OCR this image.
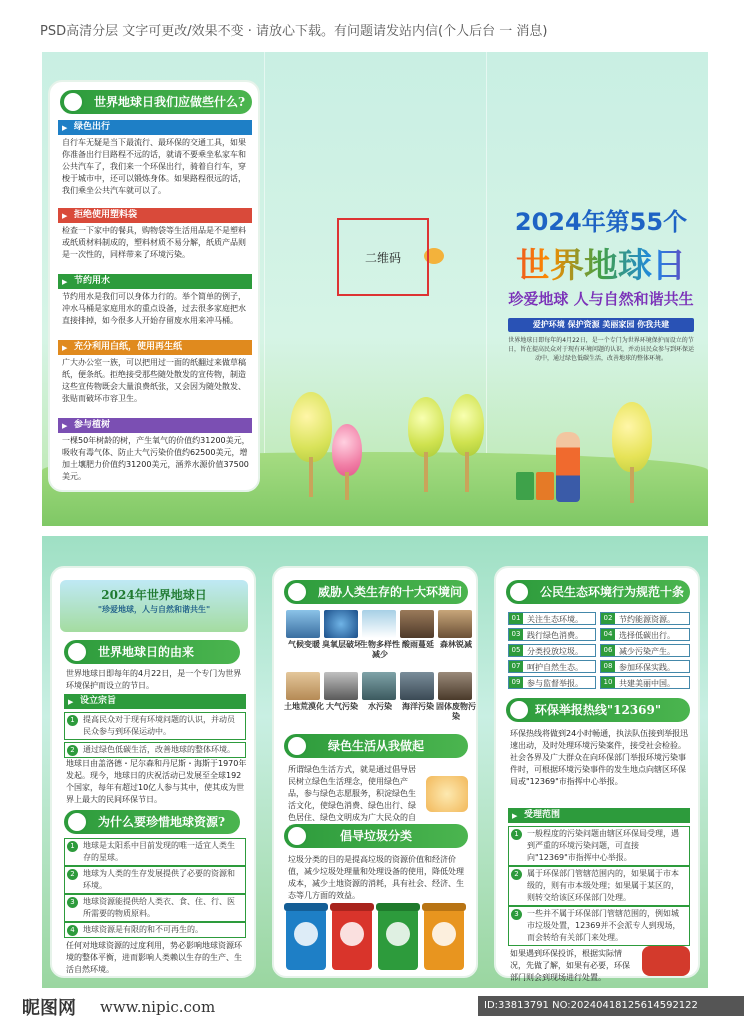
PSD高清分层 文字可更改/效果不变 · 请放心下载。有问题请发站内信(个人后台 一 消息)
世界地球日我们应做些什么?
▶ 绿色出行
自行车无疑是当下最流行、最环保的交通工具，如果你准备出行目路程不远的话，就请不要乘坐私家车和公共汽车了，我们来一个环保出行，骑着自行车，穿梭于城市中，还可以锻炼身体。如果路程很远的话，我们乘坐公共汽车就可以了。
▶ 拒绝使用塑料袋
检查一下家中的餐具，购物袋等生活用品是不是塑料或纸质材料制成的，塑料材质不易分解，纸质产品则是一次性的，同样带来了环境污染。
▶ 节约用水
节约用水是我们可以身体力行的。举个简单的例子，冲水马桶是家庭用水的重点设备，过去很多家庭把水直接排掉，如今很多人开始存留废水用来冲马桶。
▶ 充分利用白纸，使用再生纸
广大办公室一族，可以把用过一面的纸翻过来做草稿纸，便条纸。拒绝接受那些随处散发的宣传物，制造这些宣传物既会大量浪费纸张，又会因为随处散发、张贴而破坏市容卫生。
▶ 参与植树
一棵50年树龄的树，产生氧气的价值约31200美元，吸收有毒气体、防止大气污染价值约62500美元，增加土壤肥力价值约31200美元，涵养水源价值37500美元。
2024年第55个
世界地球日
珍爱地球 人与自然和谐共生
爱护环境 保护资源 美丽家园 你我共建
世界地球日即每年的4月22日，是一个专门为世界环境保护而设立的节日，旨在提高民众对于现有环境问题的认识，并动员民众参与到环保运动中，通过绿色低碳生活，改善地球的整体环境。
二维码
2024年世界地球日
"珍爱地球，人与自然和谐共生"
世界地球日的由来
世界地球日即每年的4月22日，是一个专门为世界环境保护而设立的节日。
▶ 设立宗旨
1	提高民众对于现有环境问题的认识，并动员民众参与到环保运动中。
2	通过绿色低碳生活，改善地球的整体环境。
地球日由盖洛德・尼尔森和丹尼斯・海斯于1970年发起。现今，地球日的庆祝活动已发展至全球192个国家，每年有超过10亿人参与其中，使其成为世界上最大的民间环保节日。
为什么要珍惜地球资源?
1	地球是太阳系中目前发现的唯一适宜人类生存的星球。
2	地球为人类的生存发展提供了必要的资源和环境。
3	地球资源能提供给人类衣、食、住、行、医所需要的物质原料。
4	地球资源是有限的和不可再生的。
任何对地球资源的过度利用，势必影响地球资源环境的整体平衡，进而影响人类赖以生存的生产、生活自然环境。
威胁人类生存的十大环境问
气候变暖 臭氧层破坏
生物多样性减少
酸雨蔓延 森林锐减
土地荒漠化 大气污染	水污染	海洋污染 固体废物污染
绿色生活从我做起
所谓绿色生活方式，就是通过倡导居民树立绿色生活理念，使用绿色产品，参与绿色志愿服务，积淀绿色生活文化，使绿色消费、绿色出行、绿色居住、绿色文明成为广大民众的自
倡导垃圾分类
垃圾分类的目的是提高垃圾的资源价值和经济价值，减少垃圾处理量和处理设备的使用，降低处理成本，减少土地资源的消耗，具有社会、经济、生态等几方面的效益。
公民生态环境行为规范十条
01 关注生态环境。	02 节约能源资源。
03 践行绿色消费。	04 选择低碳出行。
05 分类投放垃圾。	06 减少污染产生。
07 呵护自然生态。	08 参加环保实践。
09 参与监督举报。	10 共建美丽中国。
环保举报热线"12369"
环保热线将做到24小时畅通，执法队伍接到举报迅速出动，及时处理环境污染案件，接受社会检验。社会各界及广大群众在向环保部门举报环境污染事件时，可根据环境污染事件的发生地点向辖区环保局或"12369"市指挥中心举报。
▶ 受理范围
1	一般程度的污染问题由辖区环保局受理，遇到严重的环境污染问题，可直接向"12369"市指挥中心举报。
2	属于环保部门管辖范围内的，如果属于市本级的，则有市本级处理；如果属于某区的，则转交给该区环保部门处理。
3	一些并不属于环保部门管辖范围的，例如城市垃圾处置，12369并不会派专人到现场，而会转给有关部门来处理。
如果遇到环保投诉，根据实际情况，先做了解，如果有必要，环保部门则会到现场进行处置。
昵图网 www.nipic.com	ID:33813791 NO:20240418125614592122
